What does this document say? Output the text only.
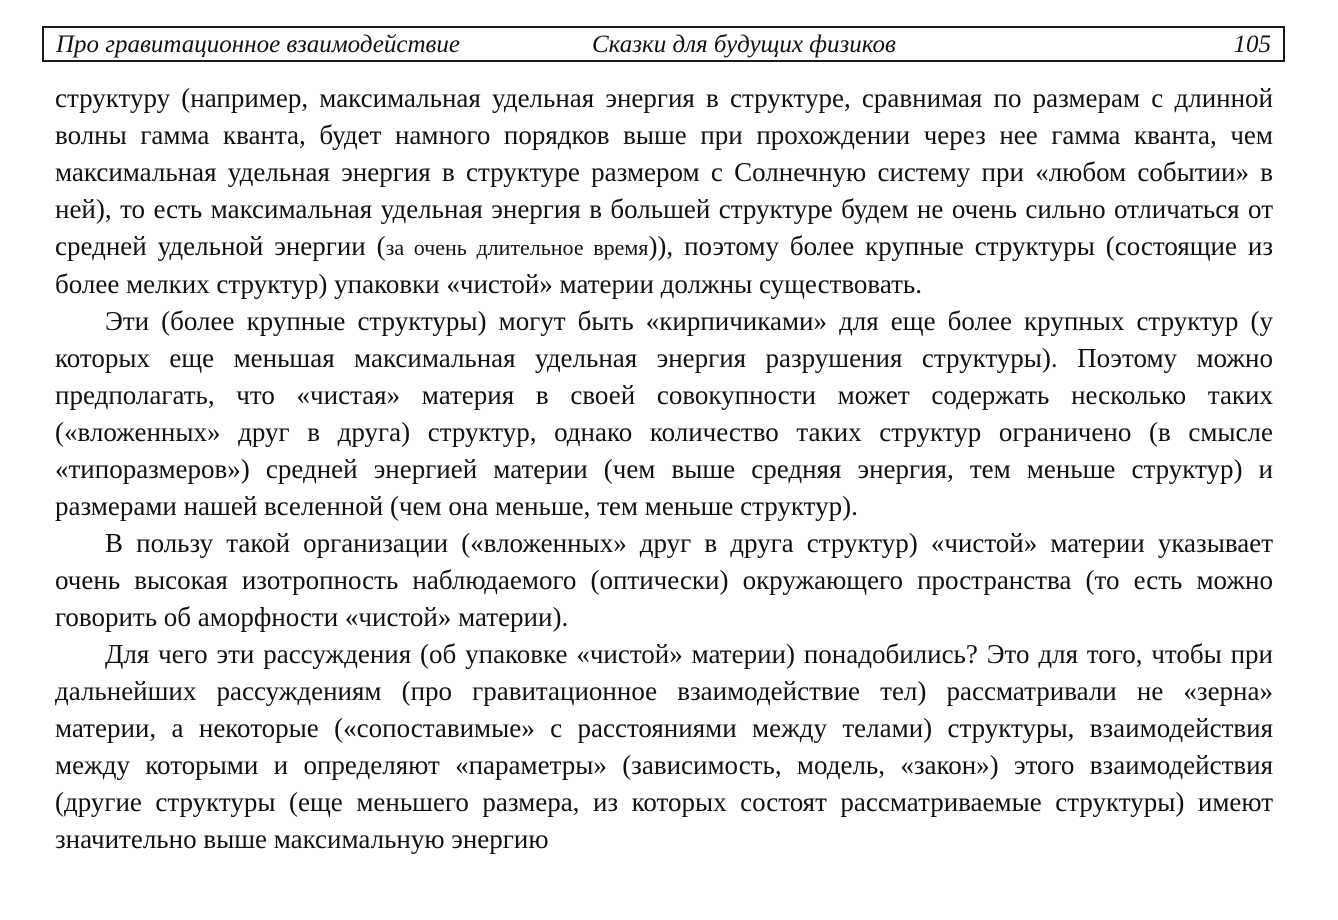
Про гравитационное взаимодействие	Сказки для будущих физиков	105

структуру (например, максимальная удельная энергия в структуре, сравнимая по размерам с длинной волны гамма кванта, будет намного порядков выше при прохождении через нее гамма кванта, чем максимальная удельная энергия в структуре размером с Солнечную систему при «любом событии» в ней), то есть максимальная удельная энергия в большей структуре будем не очень сильно отличаться от средней удельной энергии (за очень длительное время)), поэтому более крупные структуры (состоящие из более мелких структур) упаковки «чистой» материи должны существовать.

Эти (более крупные структуры) могут быть «кирпичиками» для еще более крупных структур (у которых еще меньшая максимальная удельная энергия разрушения структуры). Поэтому можно предполагать, что «чистая» материя в своей совокупности может содержать несколько таких («вложенных» друг в друга) структур, однако количество таких структур ограничено (в смысле «типоразмеров») средней энергией материи (чем выше средняя энергия, тем меньше структур) и размерами нашей вселенной (чем она меньше, тем меньше структур).

В пользу такой организации («вложенных» друг в друга структур) «чистой» материи указывает очень высокая изотропность наблюдаемого (оптически) окружающего пространства (то есть можно говорить об аморфности «чистой» материи).

Для чего эти рассуждения (об упаковке «чистой» материи) понадобились? Это для того, чтобы при дальнейших рассуждениям (про гравитационное взаимодействие тел) рассматривали не «зерна» материи, а некоторые («сопоставимые» с расстояниями между телами) структуры, взаимодействия между которыми и определяют «параметры» (зависимость, модель, «закон») этого взаимодействия (другие структуры (еще меньшего размера, из которых состоят рассматриваемые структуры) имеют значительно выше максимальную энергию
